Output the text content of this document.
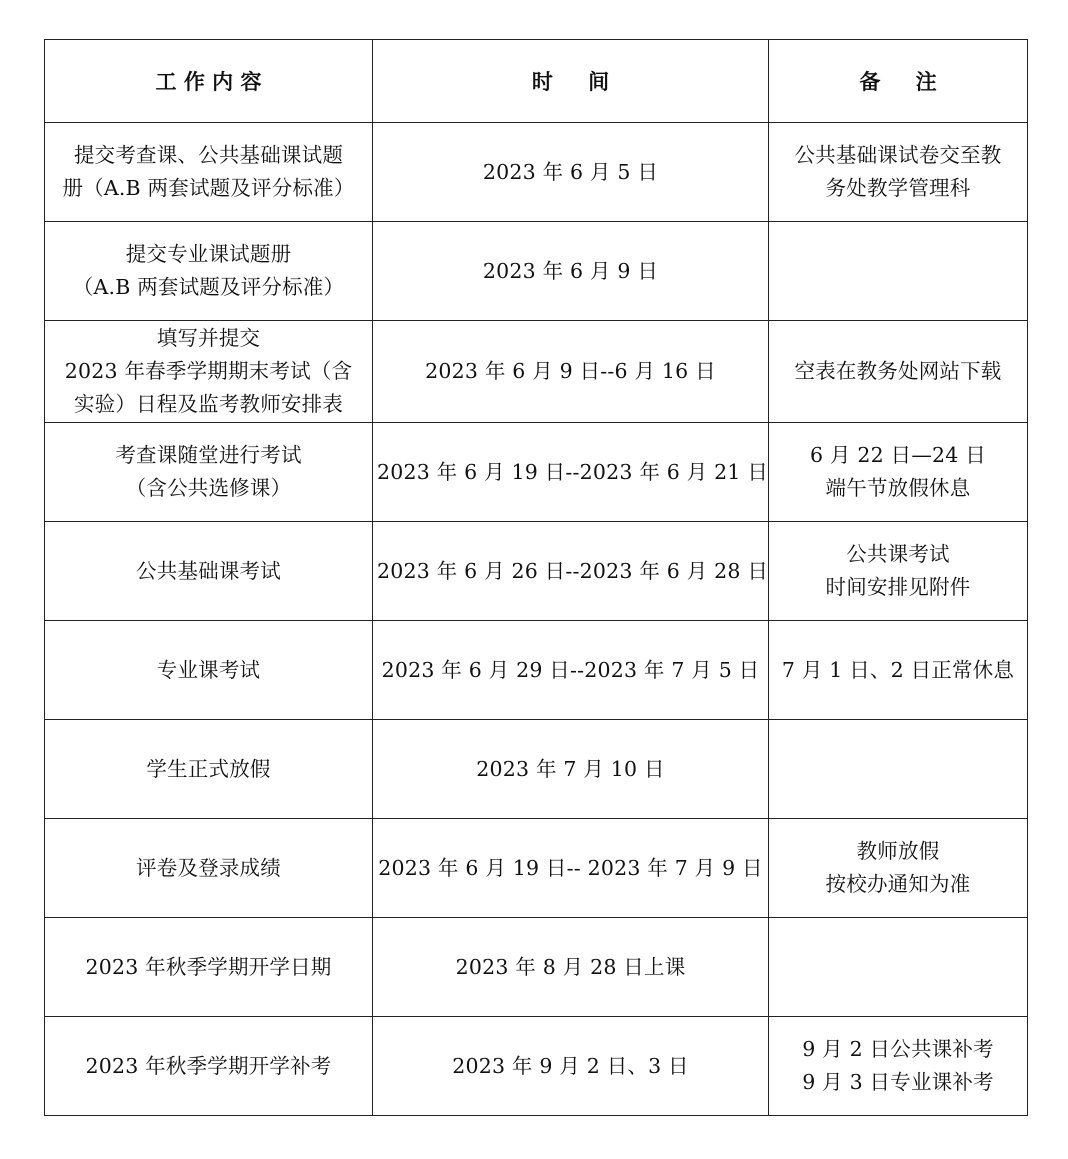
工 作 内 容	时 间	备 注

提交考查课、公共基础课试题
册（A.B 两套试题及评分标准）	2023 年 6 月 5 日	公共基础课试卷交至教
务处教学管理科

提交专业课试题册
（A.B 两套试题及评分标准）	2023 年 6 月 9 日	

填写并提交
2023 年春季学期期末考试（含
实验）日程及监考教师安排表	2023 年 6 月 9 日--6 月 16 日	空表在教务处网站下载

考查课随堂进行考试
（含公共选修课）	2023 年 6 月 19 日--2023 年 6 月 21 日	6 月 22 日—24 日
端午节放假休息

公共基础课考试	2023 年 6 月 26 日--2023 年 6 月 28 日	公共课考试
时间安排见附件

专业课考试	2023 年 6 月 29 日--2023 年 7 月 5 日	7 月 1 日、2 日正常休息

学生正式放假	2023 年 7 月 10 日	

评卷及登录成绩	2023 年 6 月 19 日-- 2023 年 7 月 9 日	教师放假
按校办通知为准

2023 年秋季学期开学日期	2023 年 8 月 28 日上课	

2023 年秋季学期开学补考	2023 年 9 月 2 日、3 日	9 月 2 日公共课补考
9 月 3 日专业课补考
